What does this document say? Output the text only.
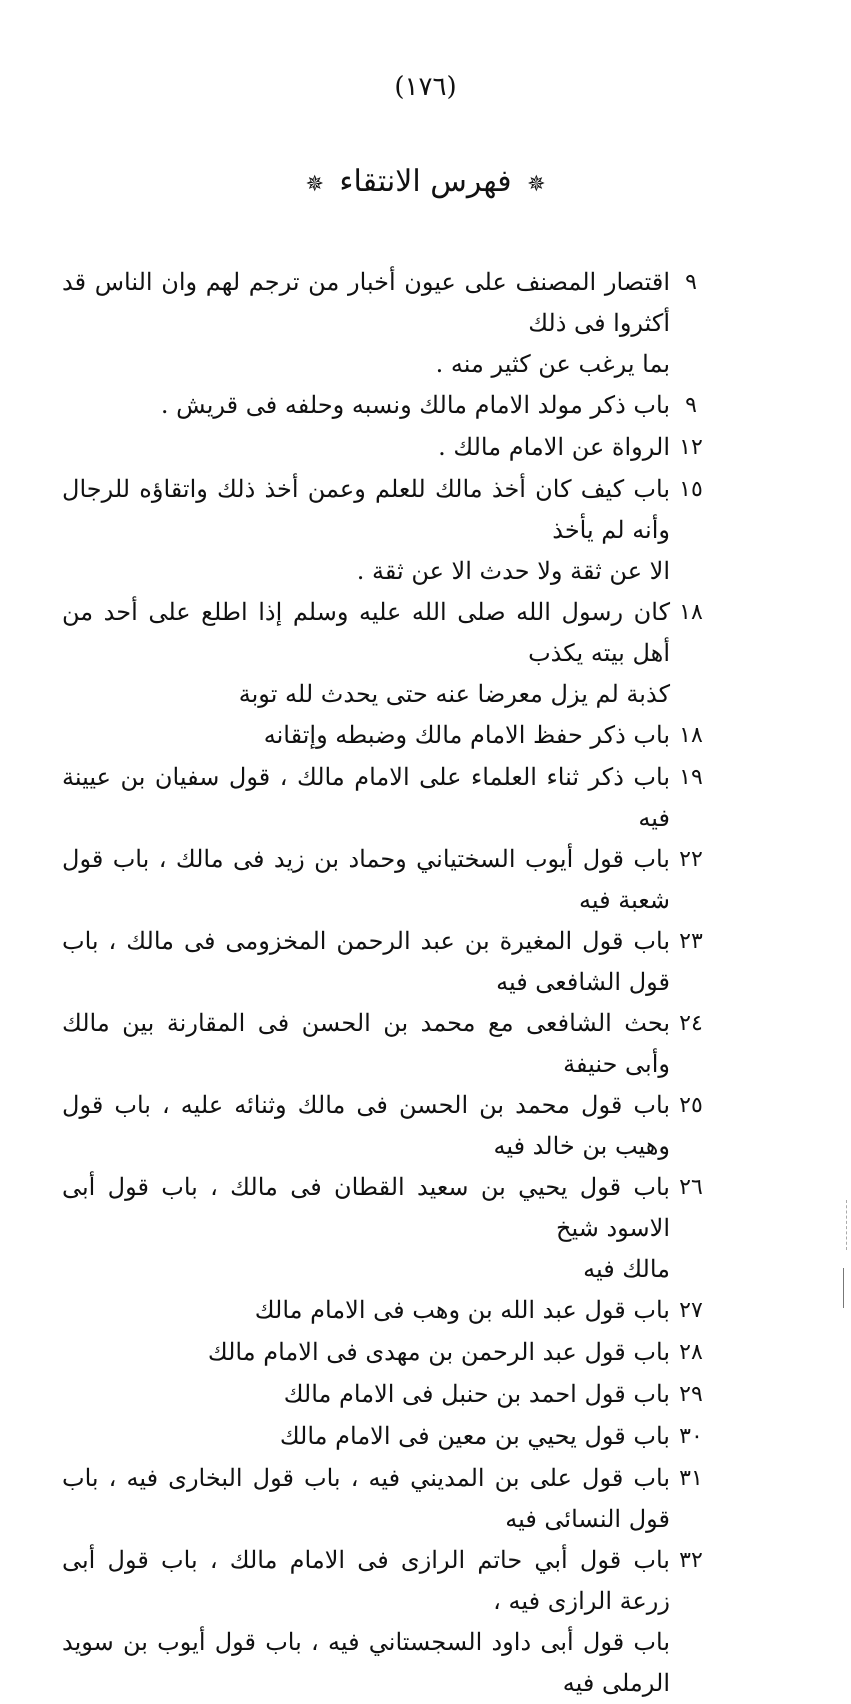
(١٧٦)
✵ فهرس الانتقاء ✵
٩
اقتصار المصنف على عيون أخبار من ترجم لهم وان الناس قد أكثروا فى ذلك
بما يرغب عن كثير منه .
٩
باب ذكر مولد الامام مالك ونسبه وحلفه فى قريش .
١٢
الرواة عن الامام مالك .
١٥
باب كيف كان أخذ مالك للعلم وعمن أخذ ذلك واتقاؤه للرجال وأنه لم يأخذ
الا عن ثقة ولا حدث الا عن ثقة .
١٨
كان رسول الله صلى الله عليه وسلم إذا اطلع على أحد من أهل بيته يكذب
كذبة لم يزل معرضا عنه حتى يحدث لله توبة
١٨
باب ذكر حفظ الامام مالك وضبطه وإتقانه
١٩
باب ذكر ثناء العلماء على الامام مالك ، قول سفيان بن عيينة فيه
٢٢
باب قول أيوب السختياني وحماد بن زيد فى مالك ، باب قول شعبة فيه
٢٣
باب قول المغيرة بن عبد الرحمن المخزومى فى مالك ، باب قول الشافعى فيه
٢٤
بحث الشافعى مع محمد بن الحسن فى المقارنة بين مالك وأبى حنيفة
٢٥
باب قول محمد بن الحسن فى مالك وثنائه عليه ، باب قول وهيب بن خالد فيه
٢٦
باب قول يحيي بن سعيد القطان فى مالك ، باب قول أبى الاسود شيخ
مالك فيه
٢٧
باب قول عبد الله بن وهب فى الامام مالك
٢٨
باب قول عبد الرحمن بن مهدى فى الامام مالك
٢٩
باب قول احمد بن حنبل فى الامام مالك
٣٠
باب قول يحيي بن معين فى الامام مالك
٣١
باب قول على بن المديني فيه ، باب قول البخارى فيه ، باب قول النسائى فيه
٣٢
باب قول أبي حاتم الرازى فى الامام مالك ، باب قول أبى زرعة الرازى فيه ،
باب قول أبى داود السجستاني فيه ، باب قول أيوب بن سويد الرملى فيه
